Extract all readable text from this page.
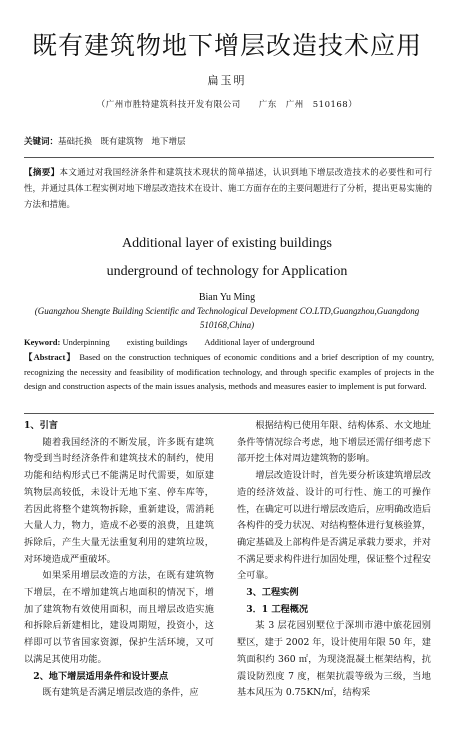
既有建筑物地下增层改造技术应用
扁玉明
（广州市胜特建筑科技开发有限公司　　广东　广州　510168）
关键词：基础托换　既有建筑物　地下增层
【摘要】本文通过对我国经济条件和建筑技术现状的简单描述，认识到地下增层改造技术的必要性和可行性，并通过具体工程实例对地下增层改造技术在设计、施工方面存在的主要问题进行了分析，提出更易实施的方法和措施。
Additional layer of existing buildings
underground of technology for Application
Bian Yu Ming
(Guangzhou Shengte Building Scientific and Technological Development CO.LTD,Guangzhou,Guangdong 510168,China)
Keyword: Underpinning　　existing buildings　　Additional layer of underground
【Abstract】 Based on the construction techniques of economic conditions and a brief description of my country, recognizing the necessity and feasibility of modification technology, and through specific examples of projects in the design and construction aspects of the main issues analysis, methods and measures easier to implement is put forward.

1、引言

随着我国经济的不断发展，许多既有建筑物受到当时经济条件和建筑技术的制约，使用功能和结构形式已不能满足时代需要，如原建筑物层高较低，未设计无地下室、停车库等，若因此将整个建筑物拆除，重新建设，需消耗大量人力，物力，造成不必要的浪费，且建筑拆除后，产生大量无法重复利用的建筑垃圾，对环境造成严重破坏。

如果采用增层改造的方法，在既有建筑物下增层，在不增加建筑占地面积的情况下，增加了建筑物有效使用面积，而且增层改造实施和拆除后新建相比，建设周期短，投资小，这样即可以节省国家资源，保护生活环境，又可以满足其使用功能。

2、地下增层适用条件和设计要点

既有建筑是否满足增层改造的条件，应

根据结构已使用年限、结构体系、水文地址条件等情况综合考虑，地下增层还需仔细考虑下部开挖土体对周边建筑物的影响。

增层改造设计时，首先要分析该建筑增层改造的经济效益、设计的可行性、施工的可操作性，在确定可以进行增层改造后，应明确改造后各构件的受力状况、对结构整体进行复核验算，确定基础及上部构件是否满足承载力要求，并对不满足要求构件进行加固处理，保证整个过程安全可靠。

3、工程实例

3．1 工程概况

某 3 层花园别墅位于深圳市港中旅花园别墅区，建于 2002 年，设计使用年限 50 年，建筑面积约 360 ㎡，为现浇混凝土框架结构，抗震设防烈度 7 度，框架抗震等级为三级，当地基本风压为 0.75KN/㎡，结构采
